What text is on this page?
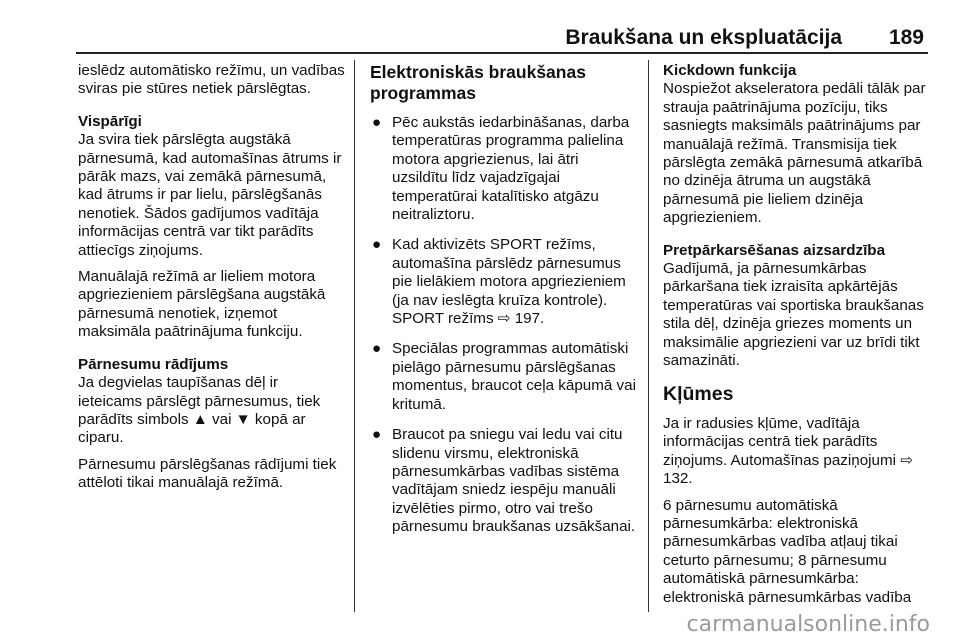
Braukšana un ekspluatācija 189

ieslēdz automātisko režīmu, un vadības sviras pie stūres netiek pārslēgtas.

Vispārīgi

Ja svira tiek pārslēgta augstākā pārnesumā, kad automašīnas ātrums ir pārāk mazs, vai zemākā pārnesumā, kad ātrums ir par lielu, pārslēgšanās nenotiek. Šādos gadījumos vadītāja informācijas centrā var tikt parādīts attiecīgs ziņojums.

Manuālajā režīmā ar lieliem motora apgriezieniem pārslēgšana augstākā pārnesumā nenotiek, izņemot maksimāla paātrinājuma funkciju.

Pārnesumu rādījums

Ja degvielas taupīšanas dēļ ir ieteicams pārslēgt pārnesumus, tiek parādīts simbols ▲ vai ▼ kopā ar ciparu.

Pārnesumu pārslēgšanas rādījumi tiek attēloti tikai manuālajā režīmā.

Elektroniskās braukšanas programmas
● Pēc aukstās iedarbināšanas, darba temperatūras programma palielina motora apgriezienus, lai ātri uzsildītu līdz vajadzīgajai temperatūrai katalītisko atgāzu neitraliztoru.
● Kad aktivizēts SPORT režīms, automašīna pārslēdz pārnesumus pie lielākiem motora apgriezieniem (ja nav ieslēgta kruīza kontrole). SPORT režīms ⇨ 197.
● Speciālas programmas automātiski pielāgo pārnesumu pārslēgšanas momentus, braucot ceļa kāpumā vai kritumā.
● Braucot pa sniegu vai ledu vai citu slidenu virsmu, elektroniskā pārnesumkārbas vadības sistēma vadītājam sniedz iespēju manuāli izvēlēties pirmo, otro vai trešo pārnesumu braukšanas uzsākšanai.
Kickdown funkcija

Nospiežot akseleratora pedāli tālāk par strauja paātrinājuma pozīciju, tiks sasniegts maksimāls paātrinājums par manuālajā režīmā. Transmisija tiek pārslēgta zemākā pārnesumā atkarībā no dzinēja ātruma un augstākā pārnesumā pie lieliem dzinēja apgriezieniem.

Pretpārkarsēšanas aizsardzība

Gadījumā, ja pārnesumkārbas pārkaršana tiek izraisīta apkārtējās temperatūras vai sportiska braukšanas stila dēļ, dzinēja griezes moments un maksimālie apgriezieni var uz brīdi tikt samazināti.

Kļūmes

Ja ir radusies kļūme, vadītāja informācijas centrā tiek parādīts ziņojums. Automašīnas paziņojumi ⇨ 132.

6 pārnesumu automātiskā pārnesumkārba: elektroniskā pārnesumkārbas vadība atļauj tikai ceturto pārnesumu; 8 pārnesumu automātiskā pārnesumkārba: elektroniskā pārnesumkārbas vadība

carmanualsonline.info
